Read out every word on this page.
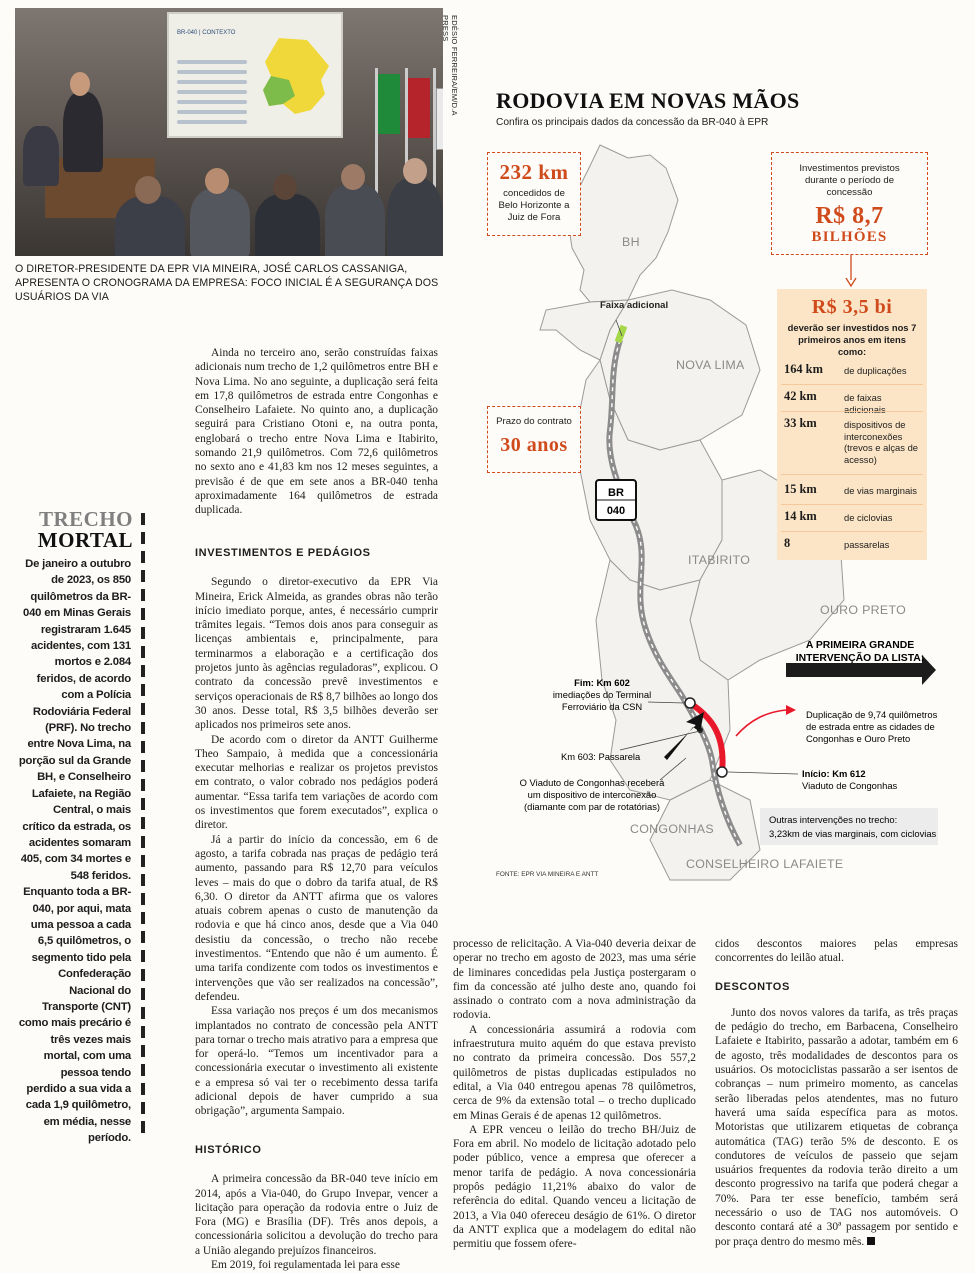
BR-040 | CONTEXTO	EDÉSIO FERREIRA/EM/D.A PRESS
O DIRETOR-PRESIDENTE DA EPR VIA MINEIRA, JOSÉ CARLOS CASSANIGA, APRESENTA O CRONOGRAMA DA EMPRESA: FOCO INICIAL É A SEGURANÇA DOS USUÁRIOS DA VIA
TRECHO
MORTAL
De janeiro a outubro de 2023, os 850 quilômetros da BR-040 em Minas Gerais registraram 1.645 acidentes, com 131 mortos e 2.084 feridos, de acordo com a Polícia Rodoviária Federal (PRF). No trecho entre Nova Lima, na porção sul da Grande BH, e Conselheiro Lafaiete, na Região Central, o mais crítico da estrada, os acidentes somaram 405, com 34 mortes e 548 feridos. Enquanto toda a BR-040, por aqui, mata uma pessoa a cada 6,5 quilômetros, o segmento tido pela Confederação Nacional do Transporte (CNT) como mais precário é três vezes mais mortal, com uma pessoa tendo perdido a sua vida a cada 1,9 quilômetro, em média, nesse período.

Ainda no terceiro ano, serão construídas faixas adicionais num trecho de 1,2 quilômetros entre BH e Nova Lima. No ano seguinte, a duplicação será feita em 17,8 quilômetros de estrada entre Congonhas e Conselheiro Lafaiete. No quinto ano, a duplicação seguirá para Cristiano Otoni e, na outra ponta, englobará o trecho entre Nova Lima e Itabirito, somando 21,9 quilômetros. Com 72,6 quilômetros no sexto ano e 41,83 km nos 12 meses seguintes, a previsão é de que em sete anos a BR-040 tenha aproximadamente 164 quilômetros de estrada duplicada.

INVESTIMENTOS E PEDÁGIOS

Segundo o diretor-executivo da EPR Via Mineira, Erick Almeida, as grandes obras não terão início imediato porque, antes, é necessário cumprir trâmites legais. “Temos dois anos para conseguir as licenças ambientais e, principalmente, para terminarmos a elaboração e a certificação dos projetos junto às agências reguladoras”, explicou. O contrato da concessão prevê investimentos e serviços operacionais de R$ 8,7 bilhões ao longo dos 30 anos. Desse total, R$ 3,5 bilhões deverão ser aplicados nos primeiros sete anos.

De acordo com o diretor da ANTT Guilherme Theo Sampaio, à medida que a concessionária executar melhorias e realizar os projetos previstos em contrato, o valor cobrado nos pedágios poderá aumentar. “Essa tarifa tem variações de acordo com os investimentos que forem executados”, explica o diretor.

Já a partir do início da concessão, em 6 de agosto, a tarifa cobrada nas praças de pedágio terá aumento, passando para R$ 12,70 para veículos leves – mais do que o dobro da tarifa atual, de R$ 6,30. O diretor da ANTT afirma que os valores atuais cobrem apenas o custo de manutenção da rodovia e que há cinco anos, desde que a Via 040 desistiu da concessão, o trecho não recebe investimentos. “Entendo que não é um aumento. É uma tarifa condizente com todos os investimentos e intervenções que vão ser realizados na concessão”, defendeu.

Essa variação nos preços é um dos mecanismos implantados no contrato de concessão pela ANTT para tornar o trecho mais atrativo para a empresa que for operá-lo. “Temos um incentivador para a concessionária executar o investimento ali existente e a empresa só vai ter o recebimento dessa tarifa adicional depois de haver cumprido a sua obrigação”, argumenta Sampaio.

HISTÓRICO

A primeira concessão da BR-040 teve início em 2014, após a Via-040, do Grupo Invepar, vencer a licitação para operação da rodovia entre o Juiz de Fora (MG) e Brasília (DF). Três anos depois, a concessionária solicitou a devolução do trecho para a União alegando prejuízos financeiros.

Em 2019, foi regulamentada lei para esse

processo de relicitação. A Via-040 deveria deixar de operar no trecho em agosto de 2023, mas uma série de liminares concedidas pela Justiça postergaram o fim da concessão até julho deste ano, quando foi assinado o contrato com a nova administração da rodovia.

A concessionária assumirá a rodovia com infraestrutura muito aquém do que estava previsto no contrato da primeira concessão. Dos 557,2 quilômetros de pistas duplicadas estipulados no edital, a Via 040 entregou apenas 78 quilômetros, cerca de 9% da extensão total – o trecho duplicado em Minas Gerais é de apenas 12 quilômetros.

A EPR venceu o leilão do trecho BH/Juiz de Fora em abril. No modelo de licitação adotado pelo poder público, vence a empresa que oferecer a menor tarifa de pedágio. A nova concessionária propôs pedágio 11,21% abaixo do valor de referência do edital. Quando venceu a licitação de 2013, a Via 040 ofereceu deságio de 61%. O diretor da ANTT explica que a modelagem do edital não permitiu que fossem ofere-

cidos descontos maiores pelas empresas concorrentes do leilão atual.

DESCONTOS

Junto dos novos valores da tarifa, as três praças de pedágio do trecho, em Barbacena, Conselheiro Lafaiete e Itabirito, passarão a adotar, também em 6 de agosto, três modalidades de descontos para os usuários. Os motociclistas passarão a ser isentos de cobranças – num primeiro momento, as cancelas serão liberadas pelos atendentes, mas no futuro haverá uma saída específica para as motos. Motoristas que utilizarem etiquetas de cobrança automática (TAG) terão 5% de desconto. E os condutores de veículos de passeio que sejam usuários frequentes da rodovia terão direito a um desconto progressivo na tarifa que poderá chegar a 70%. Para ter esse benefício, também será necessário o uso de TAG nos automóveis. O desconto contará até a 30ª passagem por sentido e por praça dentro do mesmo mês.

RODOVIA EM NOVAS MÃOS
Confira os principais dados da concessão da BR-040 à EPR
BR
040
BH
NOVA LIMA
ITABIRITO
OURO PRETO
CONGONHAS
CONSELHEIRO LAFAIETE
Faixa adicional
Fim: Km 602
imediações do Terminal
Ferroviário da CSN
Km 603: Passarela
O Viaduto de Congonhas receberá
um dispositivo de interconexão
(diamante com par de rotatórias)
Início: Km 612
Viaduto de Congonhas
A PRIMEIRA GRANDE
INTERVENÇÃO DA LISTA:
Duplicação de 9,74 quilômetros
de estrada entre as cidades de
Congonhas e Ouro Preto
Outras intervenções no trecho:
3,23km de vias marginais, com ciclovias
FONTE: EPR VIA MINEIRA E ANTT
232 km
concedidos de Belo Horizonte a Juiz de Fora
Investimentos previstos durante o período de concessão
R$ 8,7
BILHÕES
Prazo do contrato
30 anos
R$ 3,5 bi
deverão ser investidos nos 7 primeiros anos em itens como:
164 km de duplicações
42 km	de faixas adicionais
33 km	dispositivos de interconexões (trevos e alças de acesso)
15 km	de vias marginais
14 km	de ciclovias
8	passarelas
